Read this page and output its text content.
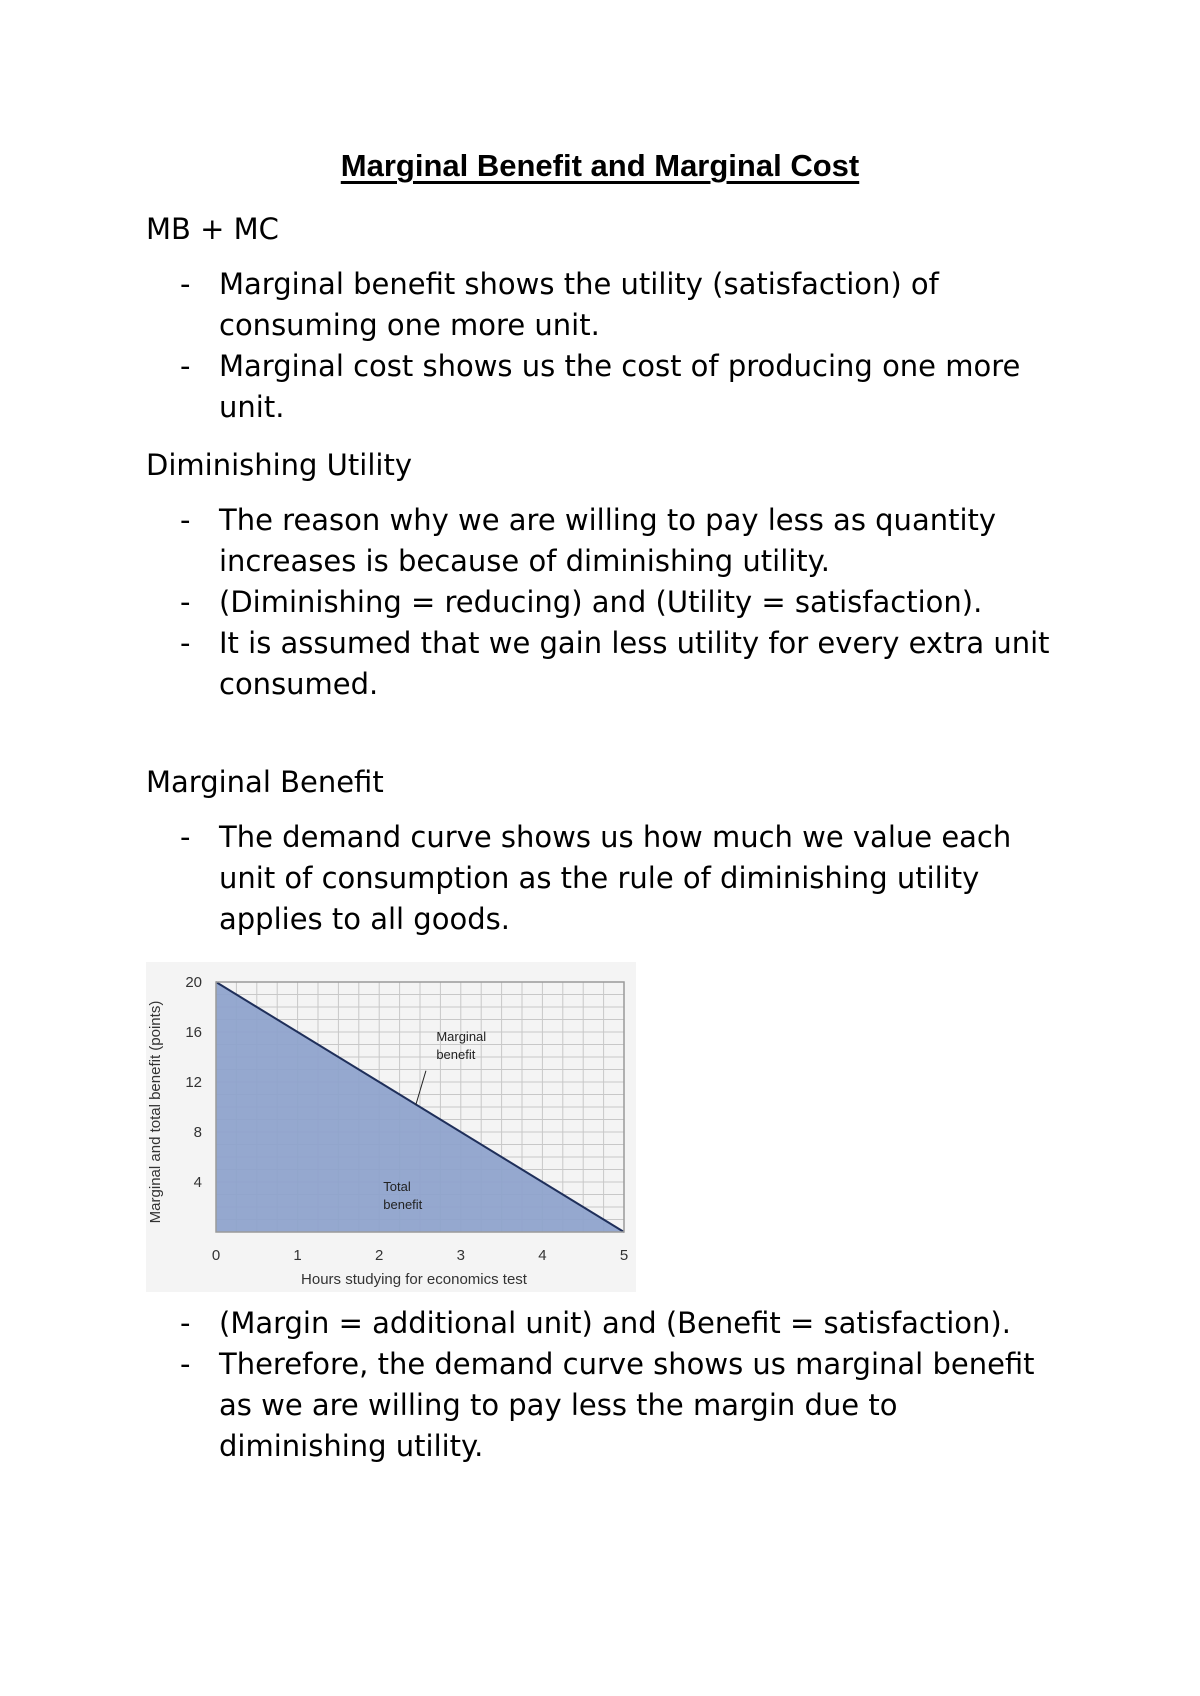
Marginal Benefit and Marginal Cost
MB + MC
- Marginal benefit shows the utility (satisfaction) of consuming one more unit.
- Marginal cost shows us the cost of producing one more unit.
Diminishing Utility
- The reason why we are willing to pay less as quantity increases is because of diminishing utility.
- (Diminishing = reducing) and (Utility = satisfaction).
- It is assumed that we gain less utility for every extra unit consumed.
Marginal Benefit
- The demand curve shows us how much we value each unit of consumption as the rule of diminishing utility applies to all goods.
0	1	2	3	4	5
4
8
12
16
20
Marginal benefit
Total benefit
Hours studying for economics test
Marginal and total benefit (points)
- (Margin = additional unit) and (Benefit = satisfaction).
- Therefore, the demand curve shows us marginal benefit as we are willing to pay less the margin due to diminishing utility.
